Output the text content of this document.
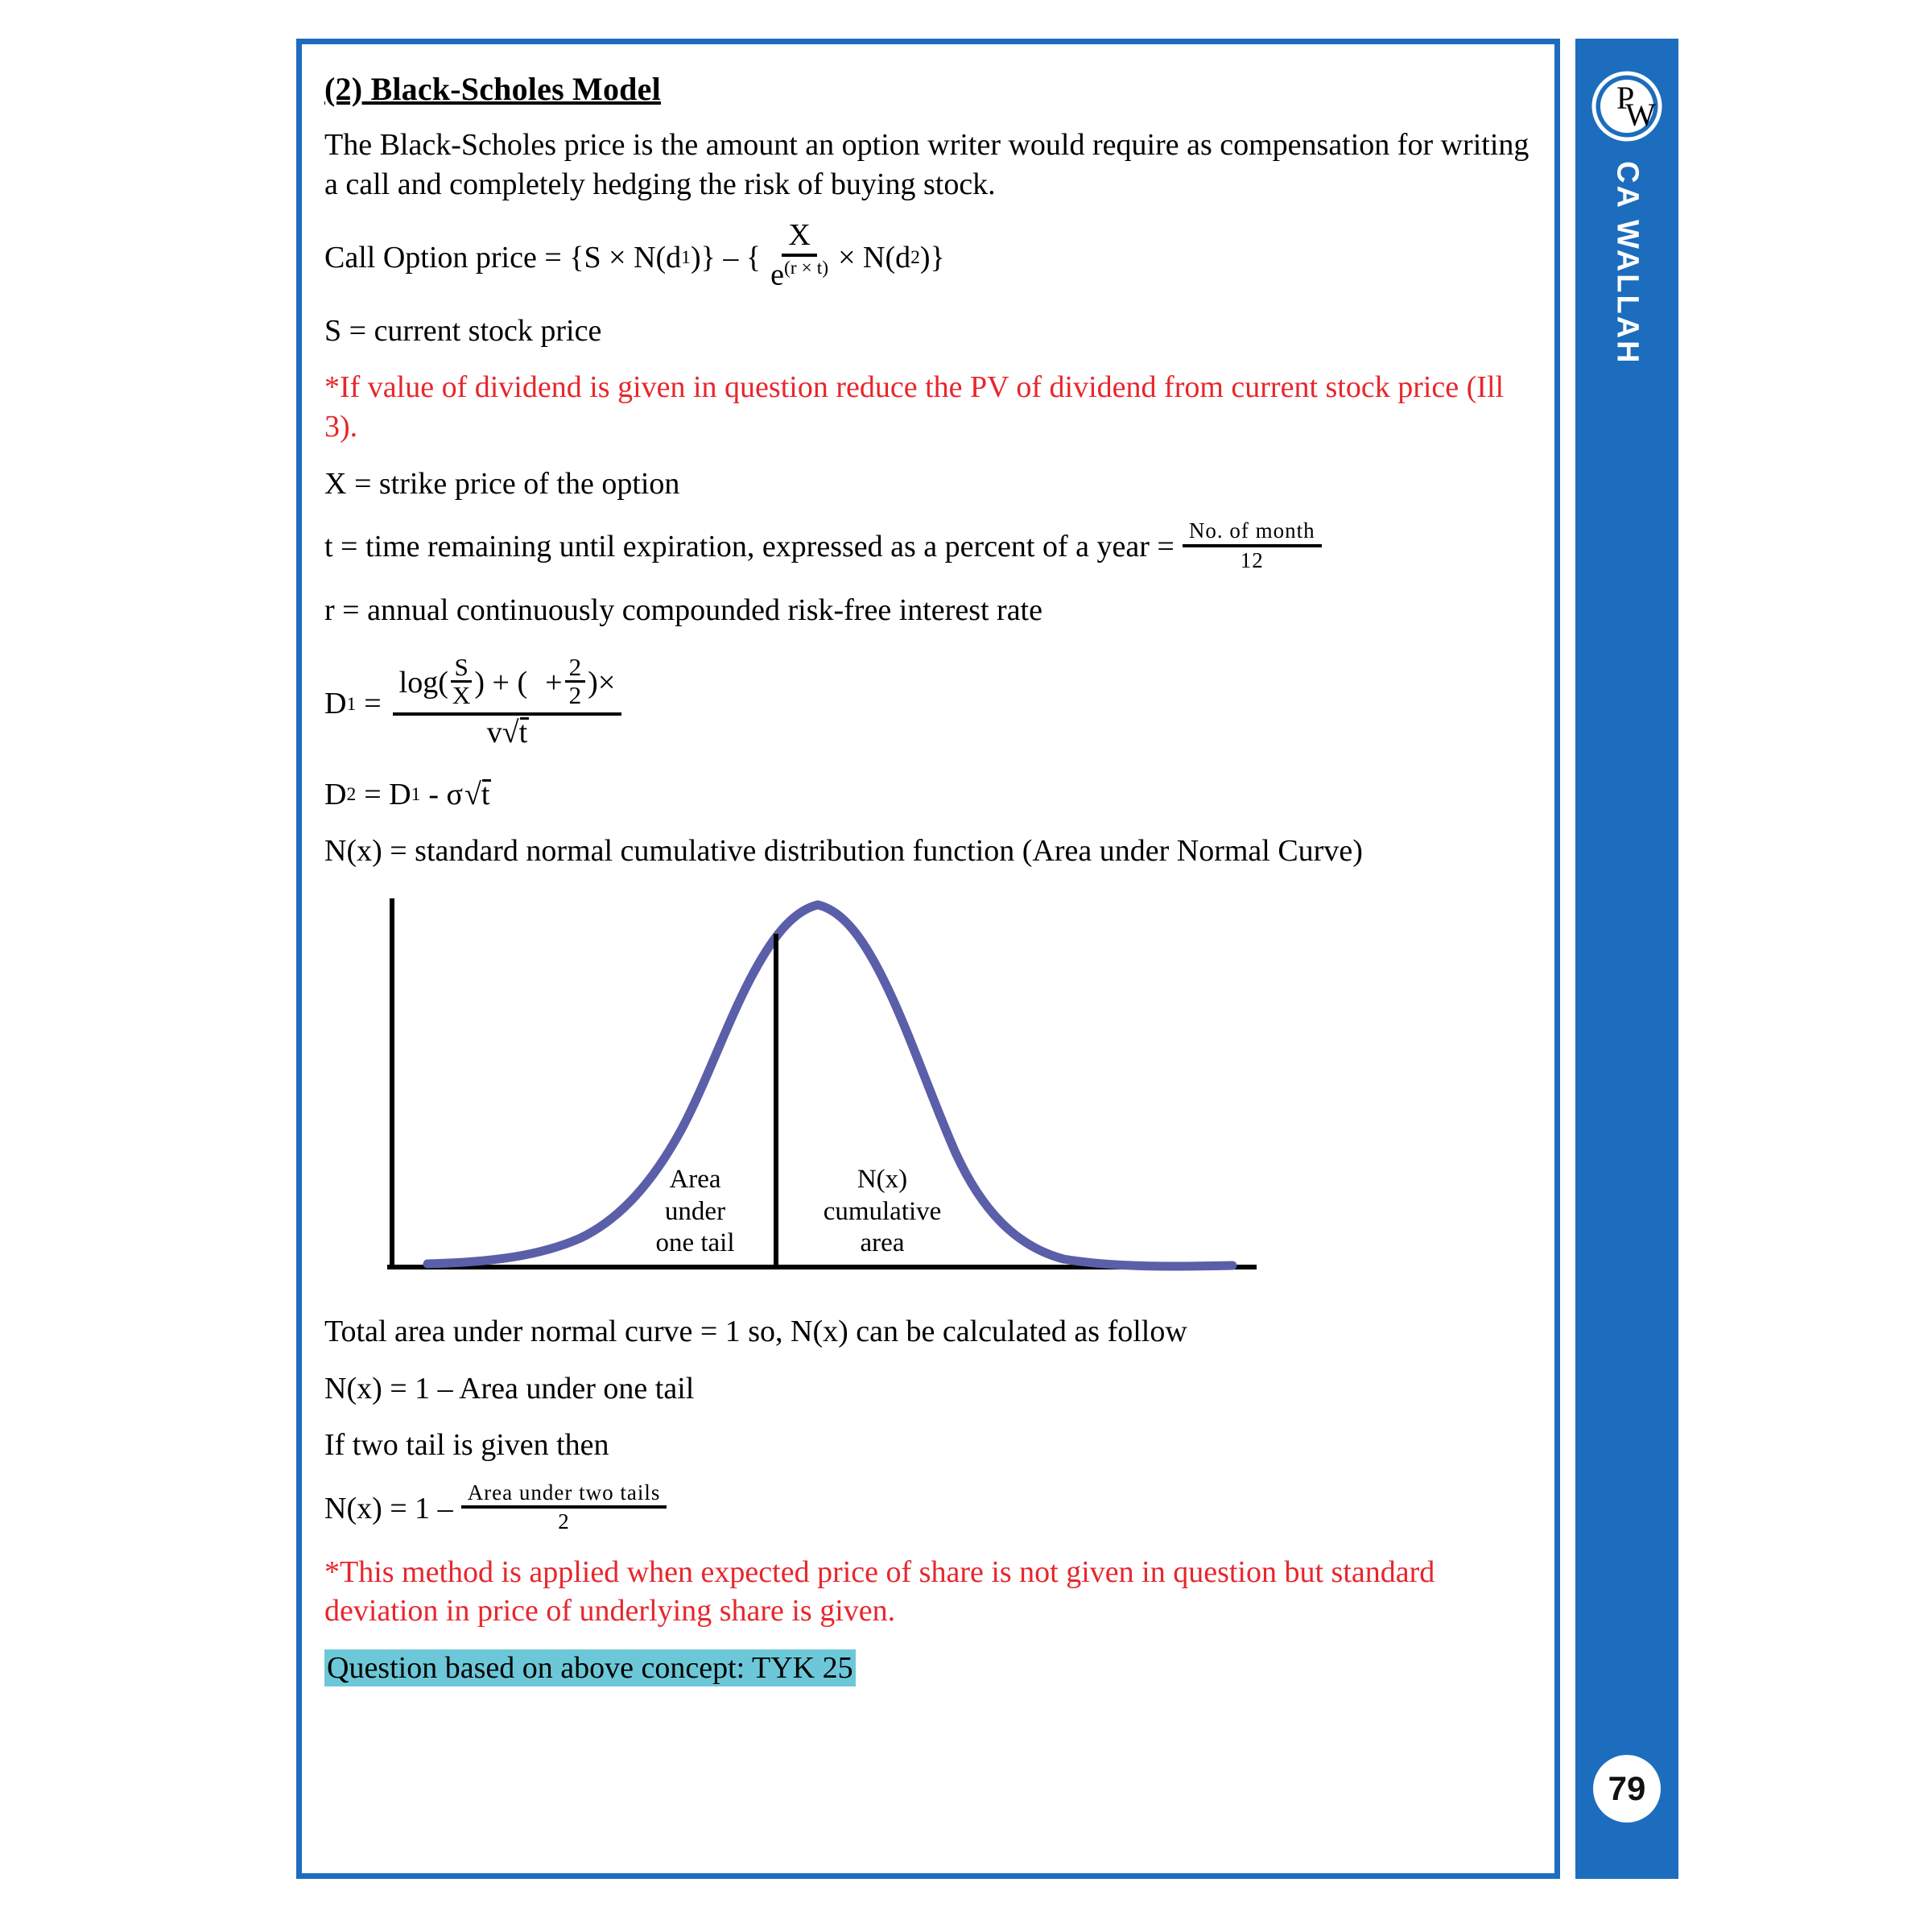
(2) Black-Scholes Model
The Black-Scholes price is the amount an option writer would require as compensation for writing a call and completely hedging the risk of buying stock.
Call Option price = {S × N(d 1 )} – { $\frac{X}{e^{(r \times t)}} \times N(d$ 2 )}
S = current stock price
*If value of dividend is given in question reduce the PV of dividend from current stock price (Ill 3).
X = strike price of the option
t = time remaining until expiration, expressed as a percent of a year = $\frac{\text{No. of month}}{12}$
r = annual continuously compounded risk-free interest rate
D 1 =
$\log( \frac{S}{X}$ ) + ( + $\frac{2}{2}$ )×
v√
t
D 2 = D 1 - σ √
t
N(x) = standard normal cumulative distribution function (Area under Normal Curve)
Area
under
one tail
N(x)
cumulative
area
Total area under normal curve = 1 so, N(x) can be calculated as follow
N(x) = 1 – Area under one tail
If two tail is given then
$N(x) = 1 - \frac{\text{Area under two tails}}{2}$
*This method is applied when expected price of share is not given in question but standard deviation in price of underlying share is given.
Question based on above concept: TYK 25
P
W
CA WALLAH
79
